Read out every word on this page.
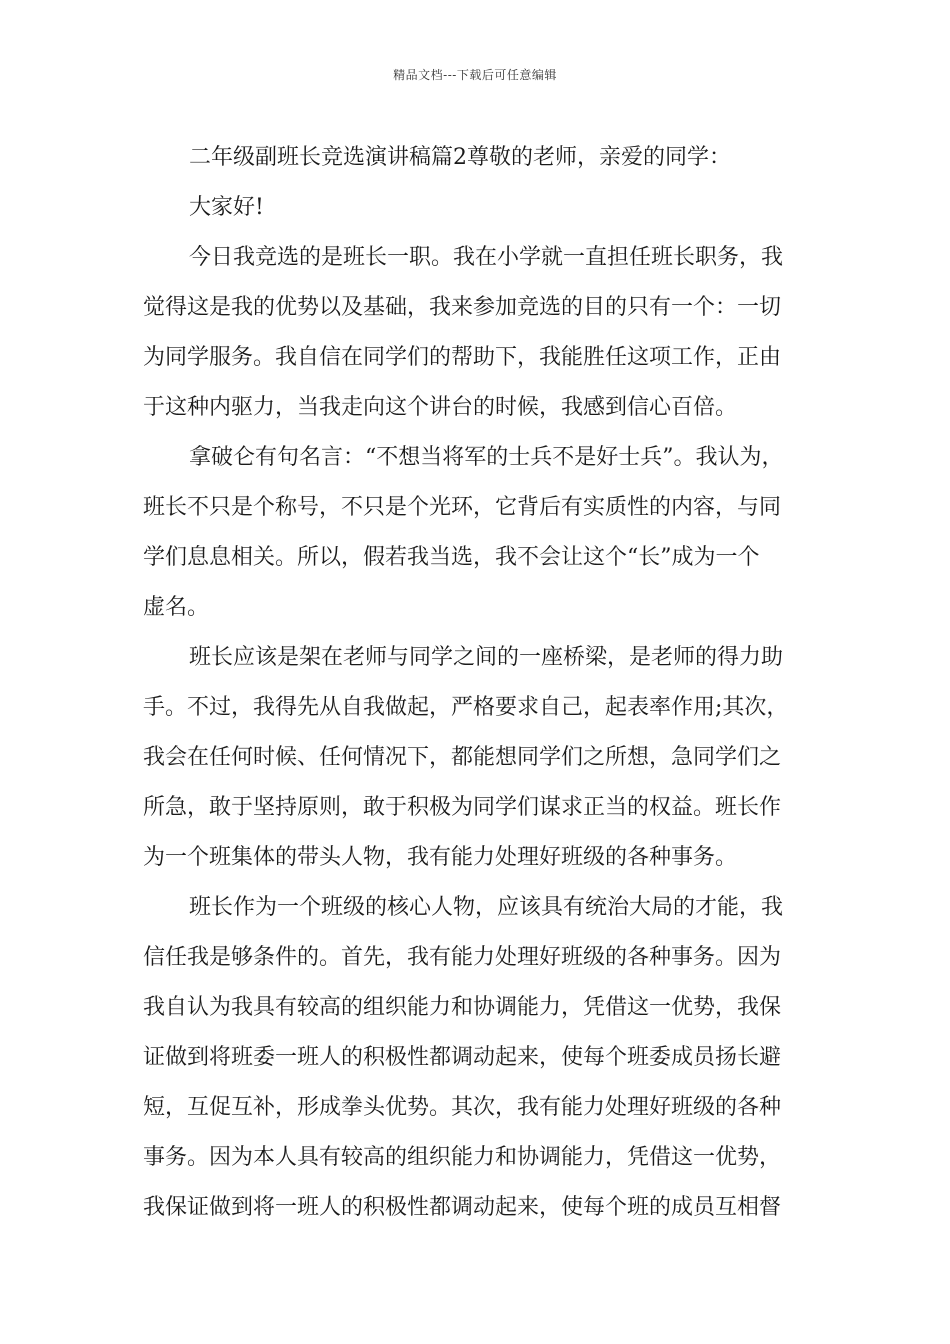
精品文档---下载后可任意编辑
二年级副班长竞选演讲稿篇2尊敬的老师，亲爱的同学：
大家好!
今日我竞选的是班长一职。我在小学就一直担任班长职务，我
觉得这是我的优势以及基础，我来参加竞选的目的只有一个：一切
为同学服务。我自信在同学们的帮助下，我能胜任这项工作，正由
于这种内驱力，当我走向这个讲台的时候，我感到信心百倍。
拿破仑有句名言：“不想当将军的士兵不是好士兵”。我认为，
班长不只是个称号，不只是个光环，它背后有实质性的内容，与同
学们息息相关。所以，假若我当选，我不会让这个“长”成为一个
虚名。
班长应该是架在老师与同学之间的一座桥梁，是老师的得力助
手。不过，我得先从自我做起，严格要求自己，起表率作用;其次，
我会在任何时候、任何情况下，都能想同学们之所想，急同学们之
所急，敢于坚持原则，敢于积极为同学们谋求正当的权益。班长作
为一个班集体的带头人物，我有能力处理好班级的各种事务。
班长作为一个班级的核心人物，应该具有统治大局的才能，我
信任我是够条件的。首先，我有能力处理好班级的各种事务。因为
我自认为我具有较高的组织能力和协调能力，凭借这一优势，我保
证做到将班委一班人的积极性都调动起来，使每个班委成员扬长避
短，互促互补，形成拳头优势。其次，我有能力处理好班级的各种
事务。因为本人具有较高的组织能力和协调能力，凭借这一优势，
我保证做到将一班人的积极性都调动起来，使每个班的成员互相督
